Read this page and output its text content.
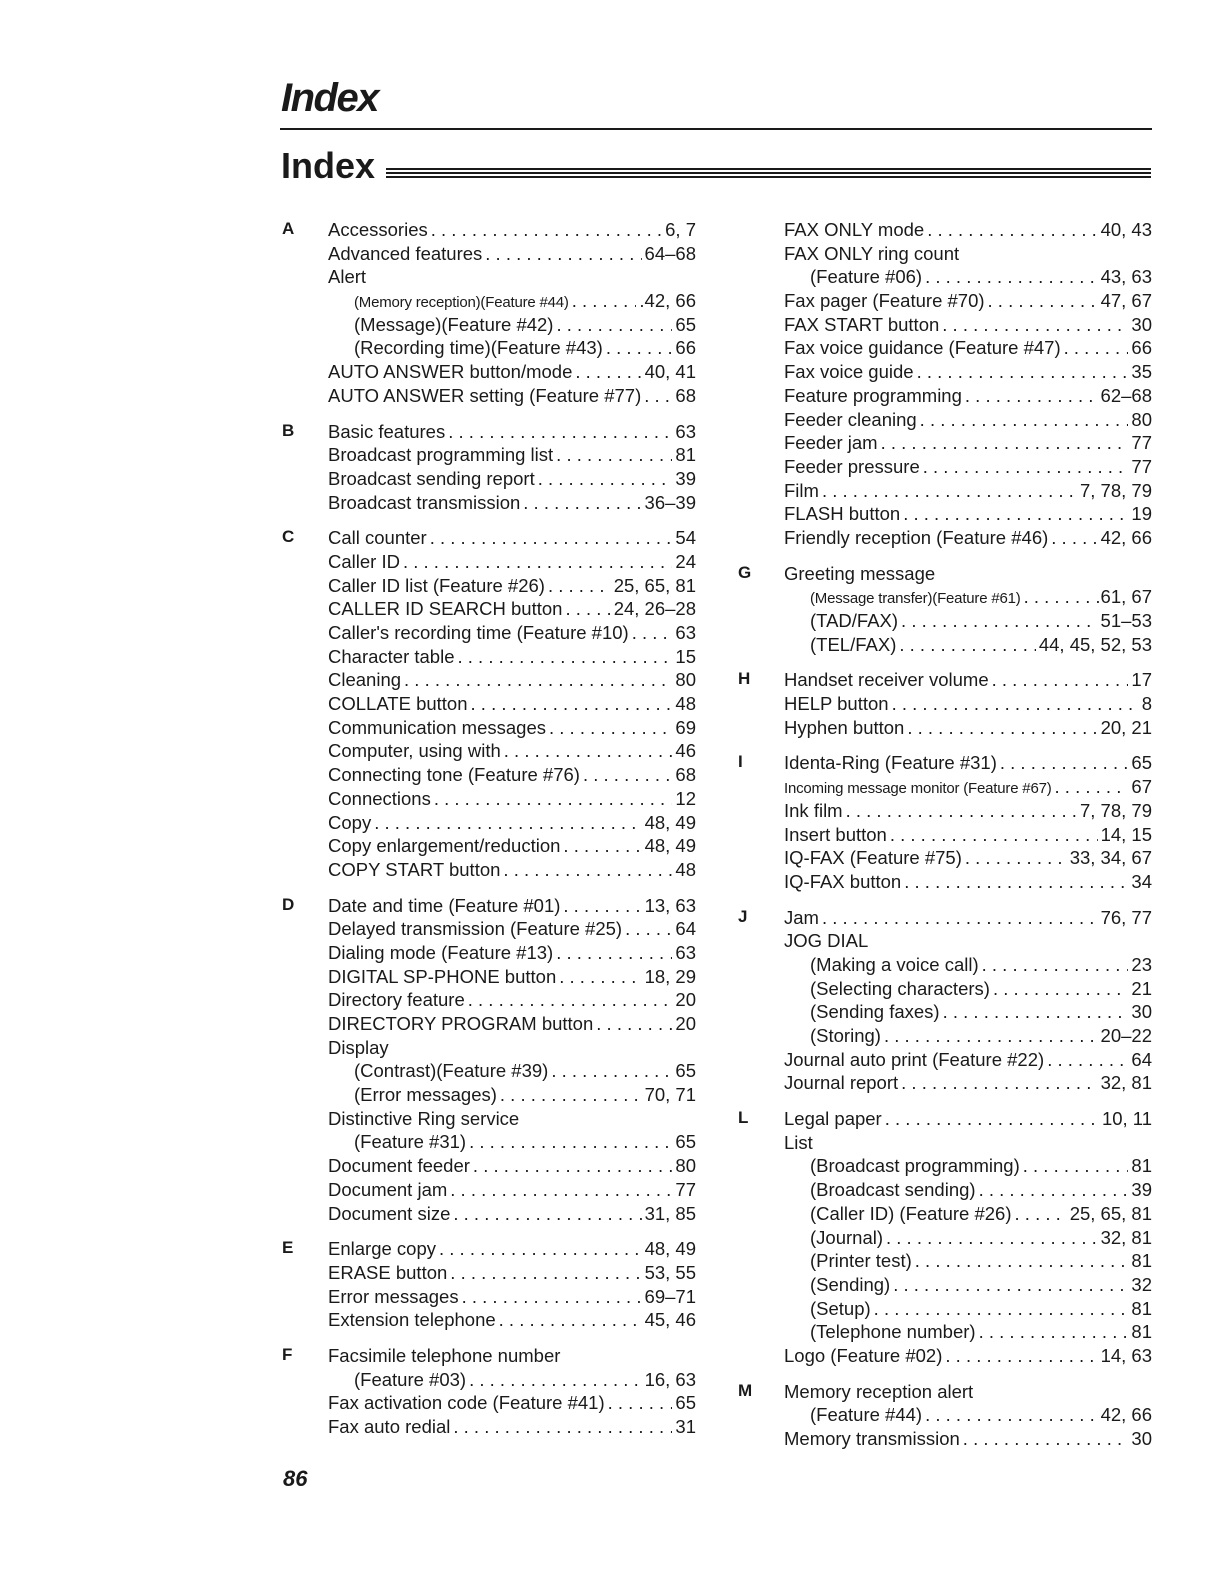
Index
Index
A Accessories . . .	6, 7
Advanced features . . .	64–68
Alert
(Memory reception)(Feature #44) . . .	.42, 66
(Message)(Feature #42) . . .	65
(Recording time)(Feature #43) . . .	66
AUTO ANSWER button/mode . . .	40, 41
AUTO ANSWER setting (Feature #77) . . . 68
B Basic features . . .	63
Broadcast programming list . . .	81
Broadcast sending report . . .	39
Broadcast transmission . . .	36–39
C Call counter . . .	54
Caller ID . . .	24
Caller ID list (Feature #26) . . .	25, 65, 81
CALLER ID SEARCH button . . .	24, 26–28
Caller's recording time (Feature #10) . . .	63
Character table . . .	15
Cleaning . . .	80
COLLATE button . . .	48
Communication messages . . .	69
Computer, using with . . .	46
Connecting tone (Feature #76) . . .	68
Connections . . .	12
Copy . . .	48, 49
Copy enlargement/reduction . . .	48, 49
COPY START button . . .	48
D Date and time (Feature #01) . . .	13, 63
Delayed transmission (Feature #25) . . .	64
Dialing mode (Feature #13) . . .	63
DIGITAL SP-PHONE button . . .	18, 29
Directory feature . . .	20
DIRECTORY PROGRAM button . . .	20
Display
(Contrast)(Feature #39) . . .	65
(Error messages) . . .	70, 71
Distinctive Ring service
(Feature #31) . . .	65
Document feeder . . .	80
Document jam . . .	77
Document size . . .	31, 85
E Enlarge copy . . .	48, 49
ERASE button . . .	53, 55
Error messages . . .	69–71
Extension telephone . . .	45, 46
F Facsimile telephone number
(Feature #03) . . .	16, 63
Fax activation code (Feature #41) . . .	65
Fax auto redial . . .	31
FAX ONLY mode . . .	40, 43
FAX ONLY ring count
(Feature #06) . . .	43, 63
Fax pager (Feature #70) . . .	47, 67
FAX START button . . .	30
Fax voice guidance (Feature #47) . . .	66
Fax voice guide . . .	35
Feature programming . . .	62–68
Feeder cleaning . . .	80
Feeder jam . . .	77
Feeder pressure . . .	77
Film . . .	7, 78, 79
FLASH button . . .	19
Friendly reception (Feature #46) . . .	42, 66
G Greeting message
(Message transfer)(Feature #61) . . .	.61, 67
(TAD/FAX) . . .	51–53
(TEL/FAX) . . .	44, 45, 52, 53
H Handset receiver volume . . .	17
HELP button . . .	8
Hyphen button . . .	20, 21
I Identa-Ring (Feature #31) . . .	65
Incoming message monitor (Feature #67) . . .	67
Ink film . . .	7, 78, 79
Insert button . . .	14, 15
IQ-FAX (Feature #75) . . .	33, 34, 67
IQ-FAX button . . .	34
J Jam . . .	76, 77
JOG DIAL
(Making a voice call) . . .	23
(Selecting characters) . . .	21
(Sending faxes) . . .	30
(Storing) . . .	20–22
Journal auto print (Feature #22) . . .	64
Journal report . . .	32, 81
L Legal paper . . .	10, 11
List
(Broadcast programming) . . .	81
(Broadcast sending) . . .	39
(Caller ID) (Feature #26) . . .	25, 65, 81
(Journal) . . .	32, 81
(Printer test) . . .	81
(Sending) . . .	32
(Setup) . . .	81
(Telephone number) . . .	81
Logo (Feature #02) . . .	14, 63
M Memory reception alert
(Feature #44) . . .	42, 66
Memory transmission . . .	30

86
